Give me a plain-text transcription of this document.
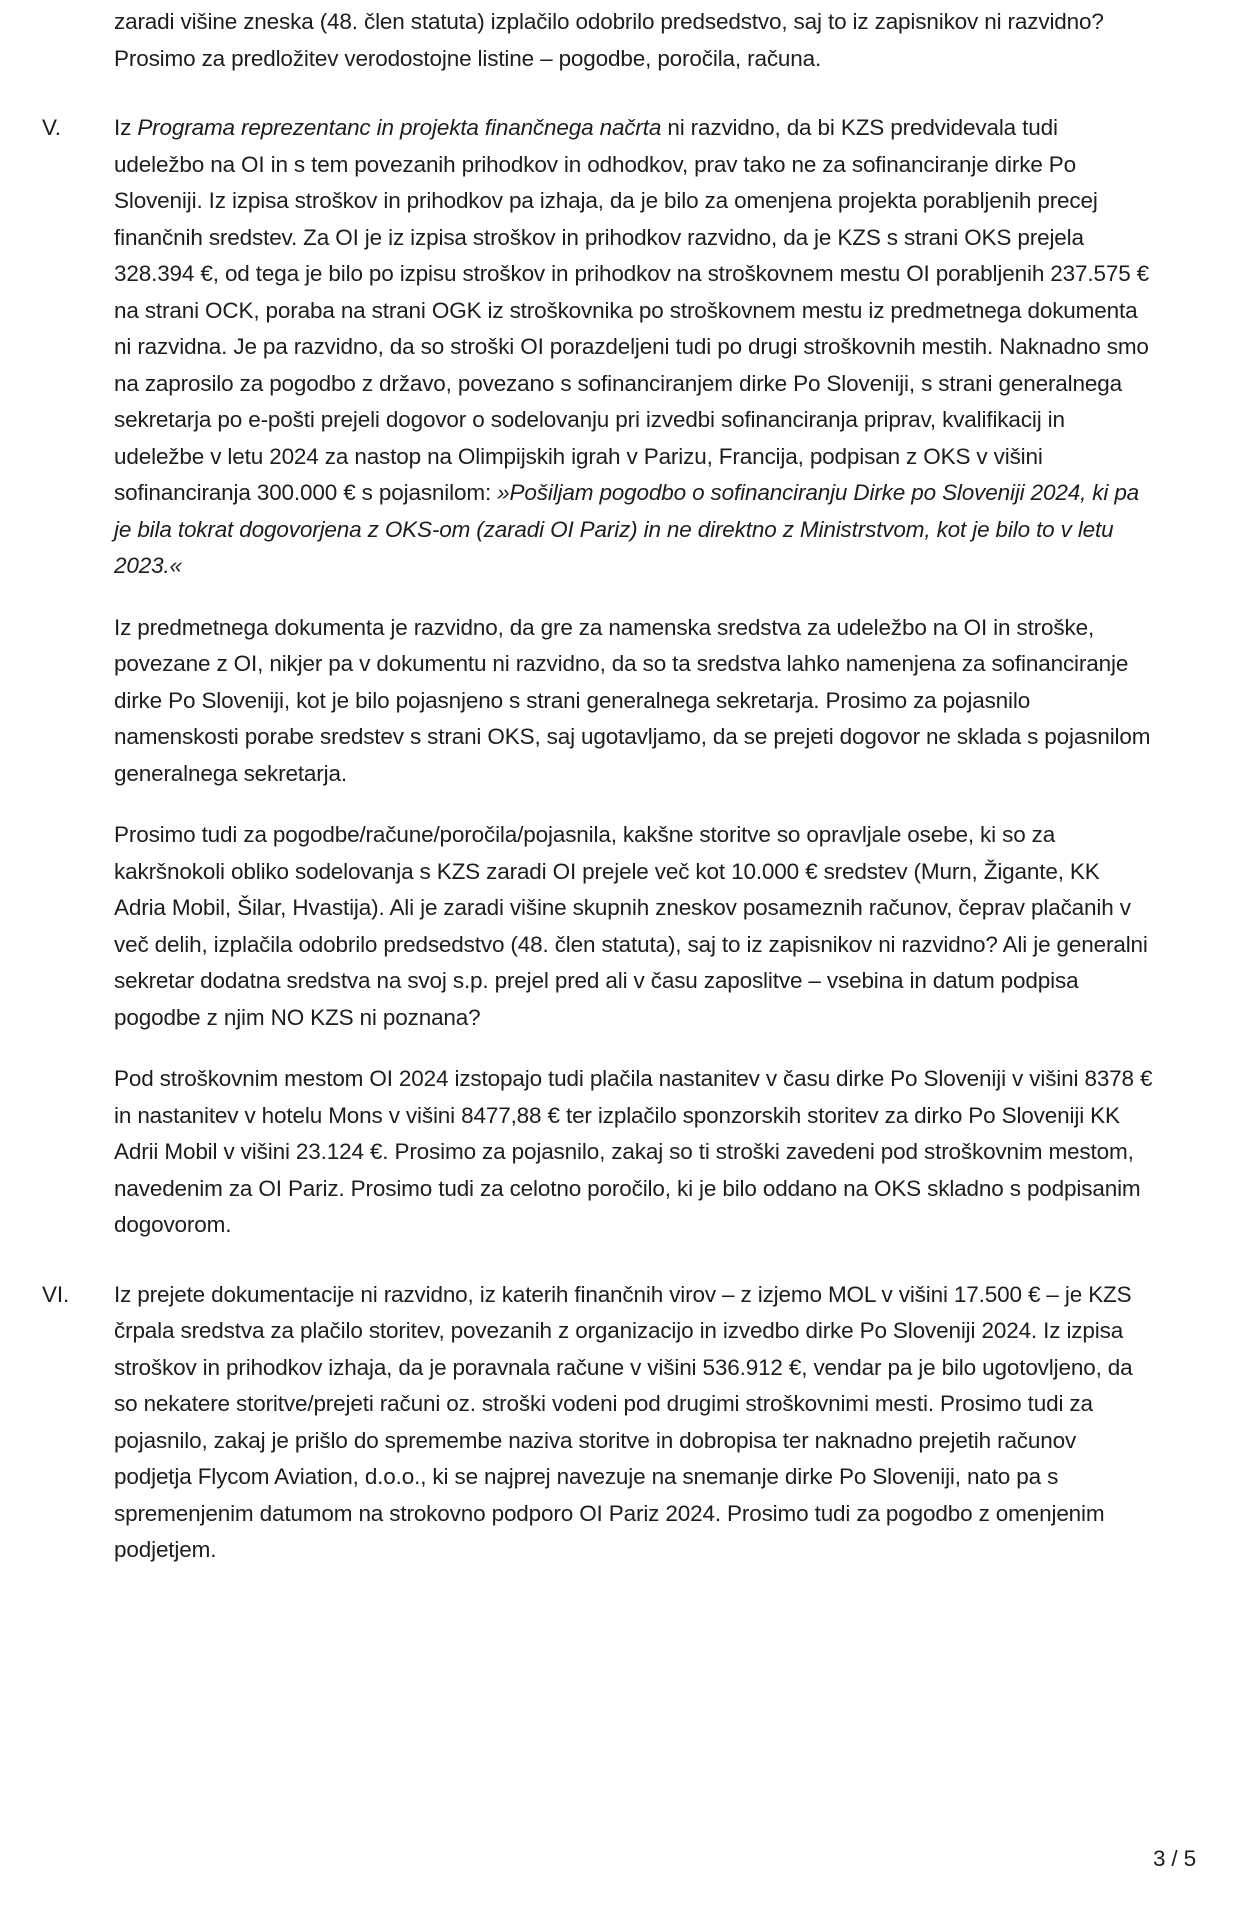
zaradi višine zneska (48. člen statuta) izplačilo odobrilo predsedstvo, saj to iz zapisnikov ni razvidno? Prosimo za predložitev verodostojne listine – pogodbe, poročila, računa.

V.	Iz Programa reprezentanc in projekta finančnega načrta ni razvidno, da bi KZS predvidevala tudi udeležbo na OI in s tem povezanih prihodkov in odhodkov, prav tako ne za sofinanciranje dirke Po Sloveniji. Iz izpisa stroškov in prihodkov pa izhaja, da je bilo za omenjena projekta porabljenih precej finančnih sredstev. Za OI je iz izpisa stroškov in prihodkov razvidno, da je KZS s strani OKS prejela 328.394 €, od tega je bilo po izpisu stroškov in prihodkov na stroškovnem mestu OI porabljenih 237.575 € na strani OCK, poraba na strani OGK iz stroškovnika po stroškovnem mestu iz predmetnega dokumenta ni razvidna. Je pa razvidno, da so stroški OI porazdeljeni tudi po drugi stroškovnih mestih. Naknadno smo na zaprosilo za pogodbo z državo, povezano s sofinanciranjem dirke Po Sloveniji, s strani generalnega sekretarja po e-pošti prejeli dogovor o sodelovanju pri izvedbi sofinanciranja priprav, kvalifikacij in udeležbe v letu 2024 za nastop na Olimpijskih igrah v Parizu, Francija, podpisan z OKS v višini sofinanciranja 300.000 € s pojasnilom: »Pošiljam pogodbo o sofinanciranju Dirke po Sloveniji 2024, ki pa je bila tokrat dogovorjena z OKS-om (zaradi OI Pariz) in ne direktno z Ministrstvom, kot je bilo to v letu 2023.«

Iz predmetnega dokumenta je razvidno, da gre za namenska sredstva za udeležbo na OI in stroške, povezane z OI, nikjer pa v dokumentu ni razvidno, da so ta sredstva lahko namenjena za sofinanciranje dirke Po Sloveniji, kot je bilo pojasnjeno s strani generalnega sekretarja. Prosimo za pojasnilo namenskosti porabe sredstev s strani OKS, saj ugotavljamo, da se prejeti dogovor ne sklada s pojasnilom generalnega sekretarja.

Prosimo tudi za pogodbe/račune/poročila/pojasnila, kakšne storitve so opravljale osebe, ki so za kakršnokoli obliko sodelovanja s KZS zaradi OI prejele več kot 10.000 € sredstev (Murn, Žigante, KK Adria Mobil, Šilar, Hvastija). Ali je zaradi višine skupnih zneskov posameznih računov, čeprav plačanih v več delih, izplačila odobrilo predsedstvo (48. člen statuta), saj to iz zapisnikov ni razvidno? Ali je generalni sekretar dodatna sredstva na svoj s.p. prejel pred ali v času zaposlitve – vsebina in datum podpisa pogodbe z njim NO KZS ni poznana?

Pod stroškovnim mestom OI 2024 izstopajo tudi plačila nastanitev v času dirke Po Sloveniji v višini 8378 € in nastanitev v hotelu Mons v višini 8477,88 € ter izplačilo sponzorskih storitev za dirko Po Sloveniji KK Adrii Mobil v višini 23.124 €. Prosimo za pojasnilo, zakaj so ti stroški zavedeni pod stroškovnim mestom, navedenim za OI Pariz. Prosimo tudi za celotno poročilo, ki je bilo oddano na OKS skladno s podpisanim dogovorom.

VI.	Iz prejete dokumentacije ni razvidno, iz katerih finančnih virov – z izjemo MOL v višini 17.500 € – je KZS črpala sredstva za plačilo storitev, povezanih z organizacijo in izvedbo dirke Po Sloveniji 2024. Iz izpisa stroškov in prihodkov izhaja, da je poravnala račune v višini 536.912 €, vendar pa je bilo ugotovljeno, da so nekatere storitve/prejeti računi oz. stroški vodeni pod drugimi stroškovnimi mesti. Prosimo tudi za pojasnilo, zakaj je prišlo do spremembe naziva storitve in dobropisa ter naknadno prejetih računov podjetja Flycom Aviation, d.o.o., ki se najprej navezuje na snemanje dirke Po Sloveniji, nato pa s spremenjenim datumom na strokovno podporo OI Pariz 2024. Prosimo tudi za pogodbo z omenjenim podjetjem.

3 / 5
